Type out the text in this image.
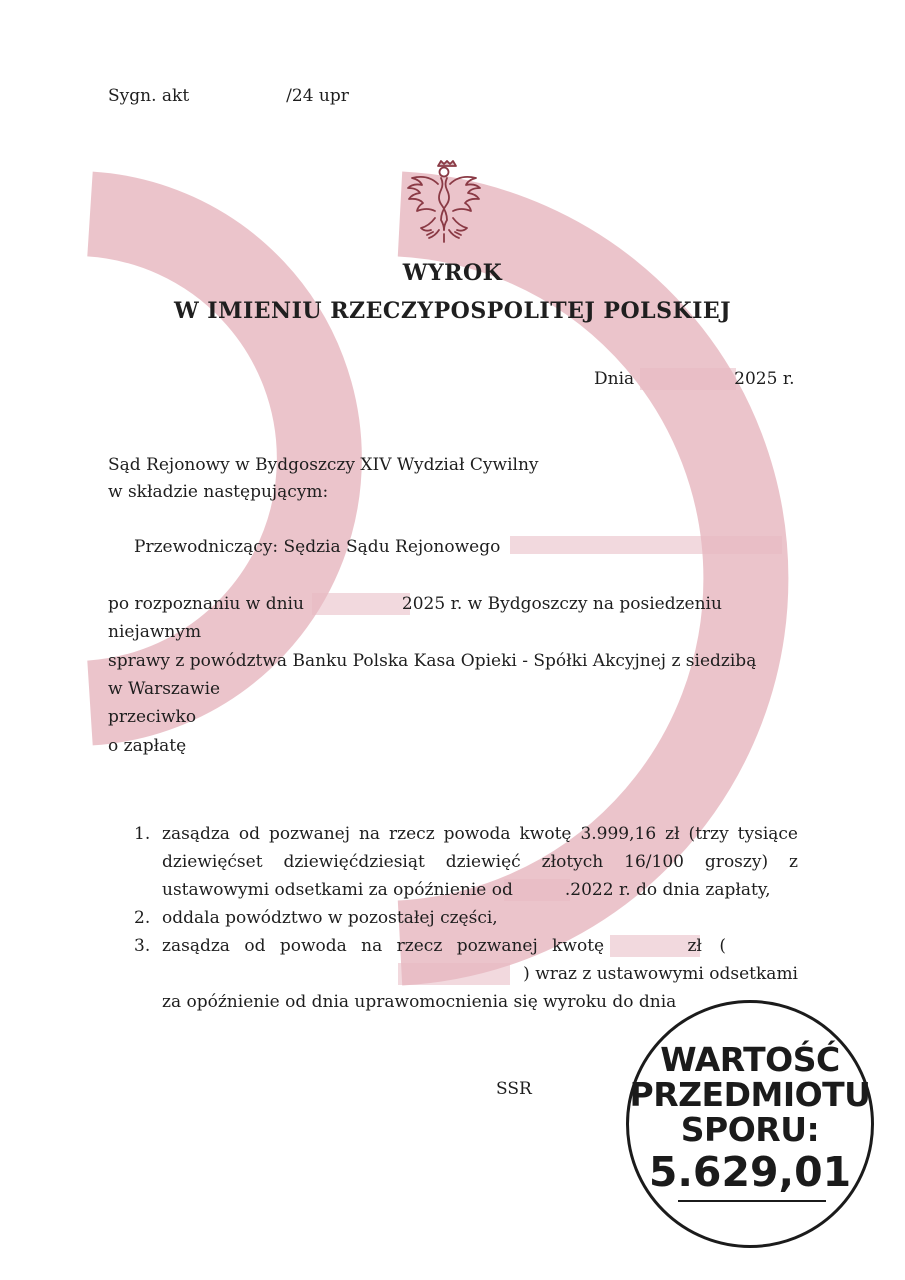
Sygn. akt	/24 upr
WYROK
W IMIENIU RZECZYPOSPOLITEJ POLSKIEJ
Dnia	2025 r.
Sąd Rejonowy w Bydgoszczy XIV Wydział Cywilny
w składzie następującym:
Przewodniczący: Sędzia Sądu Rejonowego
po rozpoznaniu w dniu	2025 r. w Bydgoszczy na posiedzeniu
niejawnym
sprawy z powództwa Banku Polska Kasa Opieki - Spółki Akcyjnej z siedzibą
w Warszawie
przeciwko
o zapłatę
1. zasądza od pozwanej na rzecz powoda kwotę 3.999,16 zł (trzy tysiące
dziewięćset dziewięćdziesiąt dziewięć złotych 16/100 groszy) z
ustawowymi odsetkami za opóźnienie od	.2022 r. do dnia zapłaty,
2. oddala powództwo w pozostałej części,
3. zasądza od powoda na rzecz pozwanej kwotę	zł (
) wraz z ustawowymi odsetkami
za opóźnienie od dnia uprawomocnienia się wyroku do dnia
SSR
WARTOŚĆ
PRZEDMIOTU
SPORU:
5.629,01
